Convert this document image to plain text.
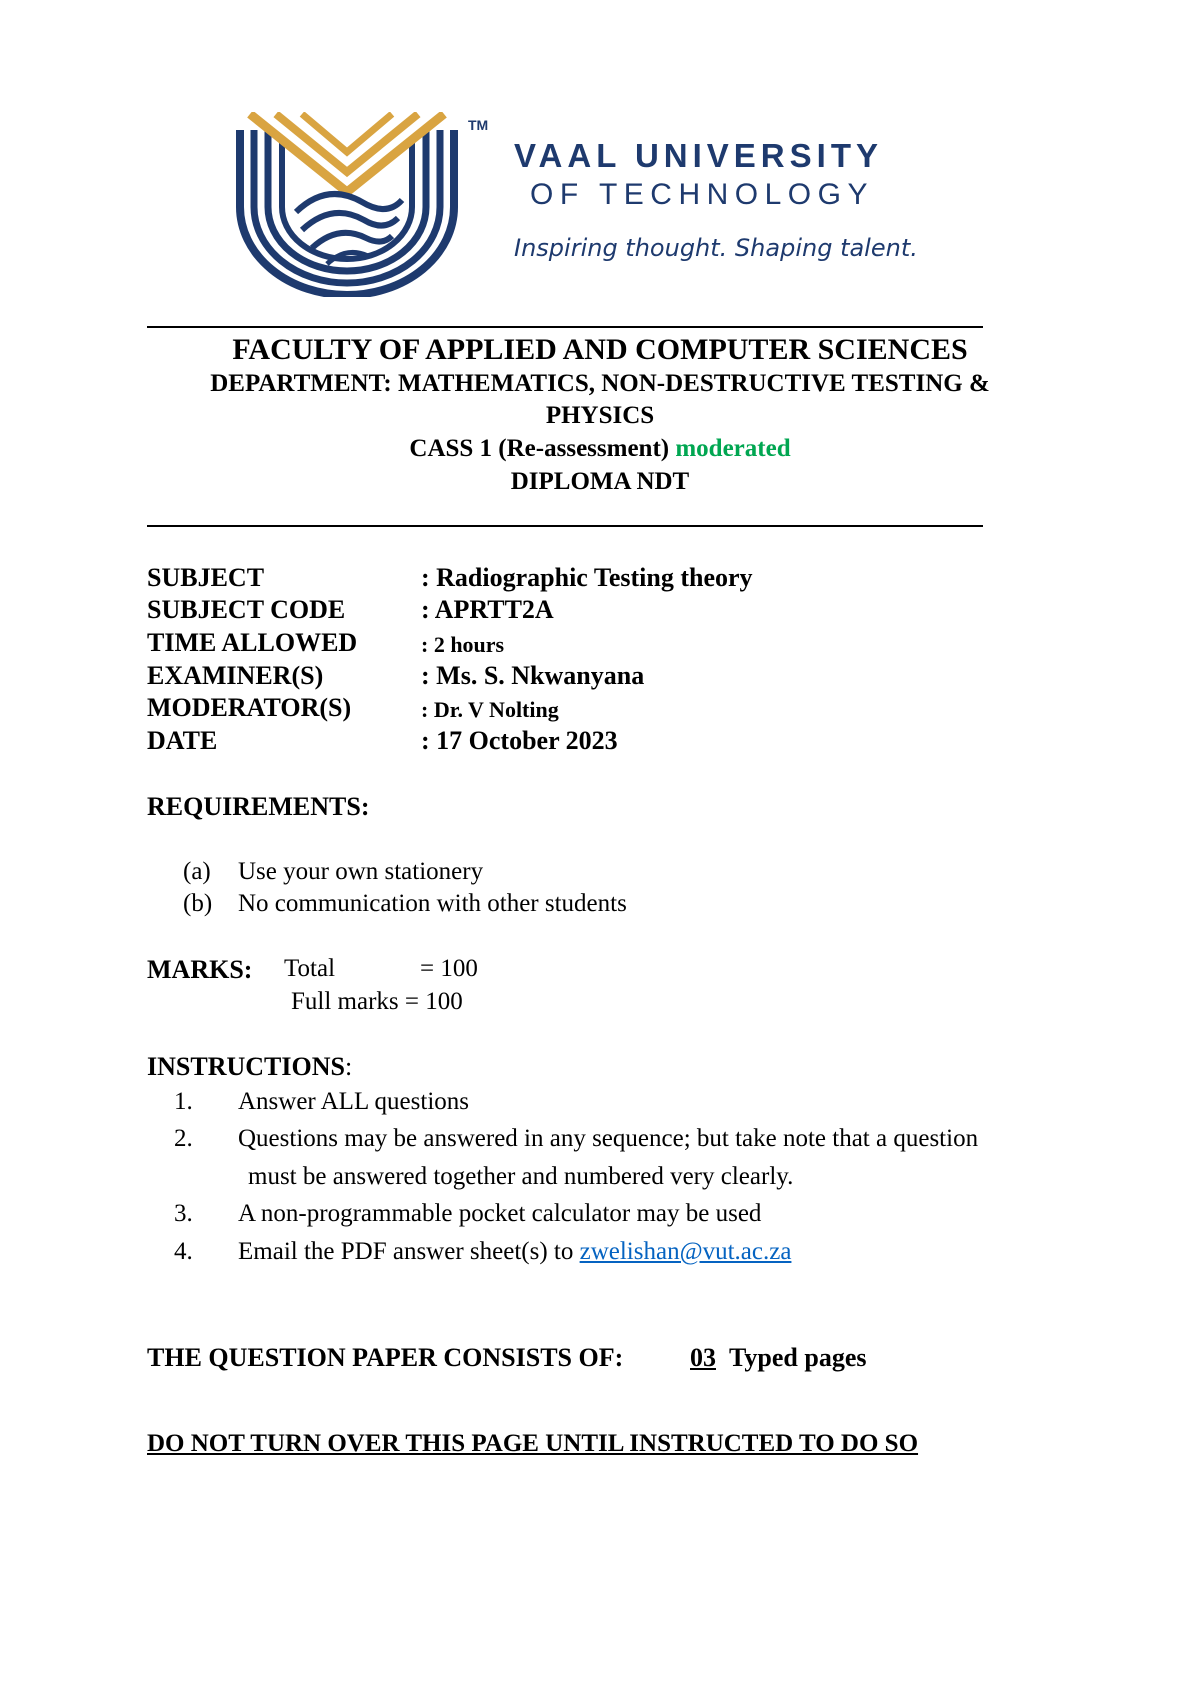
TM
VAAL UNIVERSITY
OF TECHNOLOGY
Inspiring thought. Shaping talent.
FACULTY OF APPLIED AND COMPUTER SCIENCES
DEPARTMENT: MATHEMATICS, NON-DESTRUCTIVE TESTING &
PHYSICS
CASS 1 (Re-assessment) moderated
DIPLOMA NDT
SUBJECT	: Radiographic Testing theory
SUBJECT CODE	: APRTT2A
TIME ALLOWED	: 2 hours
EXAMINER(S)	: Ms. S. Nkwanyana
MODERATOR(S)	: Dr. V Nolting
DATE	: 17 October 2023
REQUIREMENTS:
(a) Use your own stationery
(b) No communication with other students
MARKS: Total	= 100
Full marks = 100
INSTRUCTIONS:
1. Answer ALL questions
2. Questions may be answered in any sequence; but take note that a question
must be answered together and numbered very clearly.
3. A non-programmable pocket calculator may be used
4. Email the PDF answer sheet(s) to zwelishan@vut.ac.za
THE QUESTION PAPER CONSISTS OF:	03 Typed pages
DO NOT TURN OVER THIS PAGE UNTIL INSTRUCTED TO DO SO
